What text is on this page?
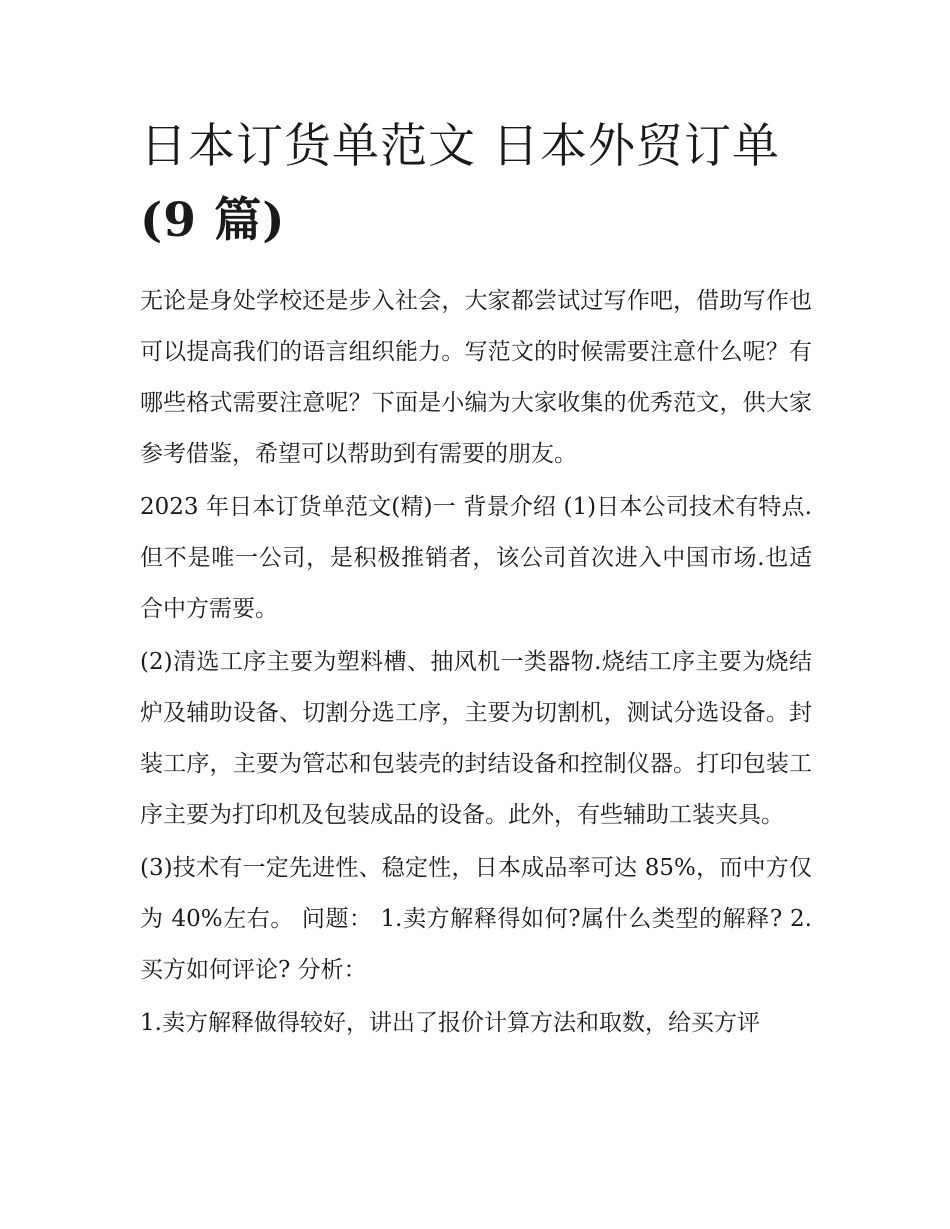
日本订货单范文 日本外贸订单
(9 篇)

无论是身处学校还是步入社会，大家都尝试过写作吧，借助写作也可以提高我们的语言组织能力。写范文的时候需要注意什么呢？有哪些格式需要注意呢？下面是小编为大家收集的优秀范文，供大家参考借鉴，希望可以帮助到有需要的朋友。

2023 年日本订货单范文(精)一 背景介绍 (1)日本公司技术有特点.但不是唯一公司，是积极推销者，该公司首次进入中国市场.也适合中方需要。

(2)清选工序主要为塑料槽、抽风机一类器物.烧结工序主要为烧结炉及辅助设备、切割分选工序，主要为切割机，测试分选设备。封装工序，主要为管芯和包装壳的封结设备和控制仪器。打印包装工序主要为打印机及包装成品的设备。此外，有些辅助工装夹具。

(3)技术有一定先进性、稳定性，日本成品率可达 85%，而中方仅为 40%左右。 问题： 1.卖方解释得如何?属什么类型的解释? 2.买方如何评论? 分析：

1.卖方解释做得较好，讲出了报价计算方法和取数，给买方评
